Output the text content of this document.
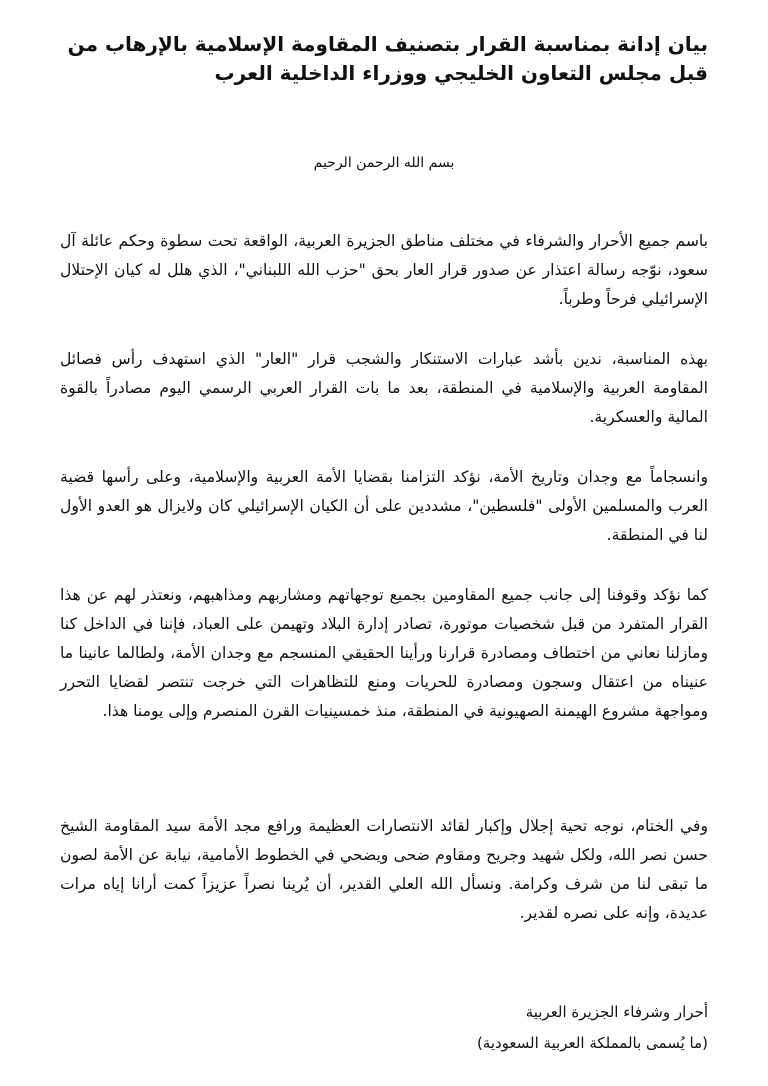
بيان إدانة بمناسبة القرار بتصنيف المقاومة الإسلامية بالإرهاب من
قبل مجلس التعاون الخليجي ووزراء الداخلية العرب
بسم الله الرحمن الرحيم

باسم جميع الأحرار والشرفاء في مختلف مناطق الجزيرة العربية، الواقعة تحت سطوة وحكم عائلة آل سعود، نوّجه رسالة اعتذار عن صدور قرار العار بحق "حزب الله اللبناني"، الذي هلل له كيان الإحتلال الإسرائيلي فرحاً وطرباً.

بهذه المناسبة، ندين بأشد عبارات الاستنكار والشجب قرار "العار" الذي استهدف رأس فصائل المقاومة العربية والإسلامية في المنطقة، بعد ما بات القرار العربي الرسمي اليوم مصادراً بالقوة المالية والعسكرية.

وانسجاماً مع وجدان وتاريخ الأمة، نؤكد التزامنا بقضايا الأمة العربية والإسلامية، وعلى رأسها قضية العرب والمسلمين الأولى "فلسطين"، مشددين على أن الكيان الإسرائيلي كان ولايزال هو العدو الأول لنا في المنطقة.

كما نؤكد وقوفنا إلى جانب جميع المقاومين بجميع توجهاتهم ومشاربهم ومذاهبهم، ونعتذر لهم عن هذا القرار المتفرد من قبل شخصيات موتورة، تصادر إدارة البلاد وتهيمن على العباد، فإننا في الداخل كنا ومازلنا نعاني من اختطاف ومصادرة قرارنا ورأينا الحقيقي المنسجم مع وجدان الأمة، ولطالما عانينا ما عنيناه من اعتقال وسجون ومصادرة للحريات ومنع للتظاهرات التي خرجت تنتصر لقضايا التحرر ومواجهة مشروع الهيمنة الصهيونية في المنطقة، منذ خمسينيات القرن المنصرم وإلى يومنا هذا.

وفي الختام، نوجه تحية إجلال وإكبار لقائد الانتصارات العظيمة ورافع مجد الأمة سيد المقاومة الشيخ حسن نصر الله، ولكل شهيد وجريح ومقاوم ضحى ويضحي في الخطوط الأمامية، نيابة عن الأمة لصون ما تبقى لنا من شرف وكرامة. ونسأل الله العلي القدير، أن يُرينا نصراً عزيزاً كمت أرانا إياه مرات عديدة، وإنه على نصره لقدير.

أحرار وشرفاء الجزيرة العربية
(ما يُسمى بالمملكة العربية السعودية)
